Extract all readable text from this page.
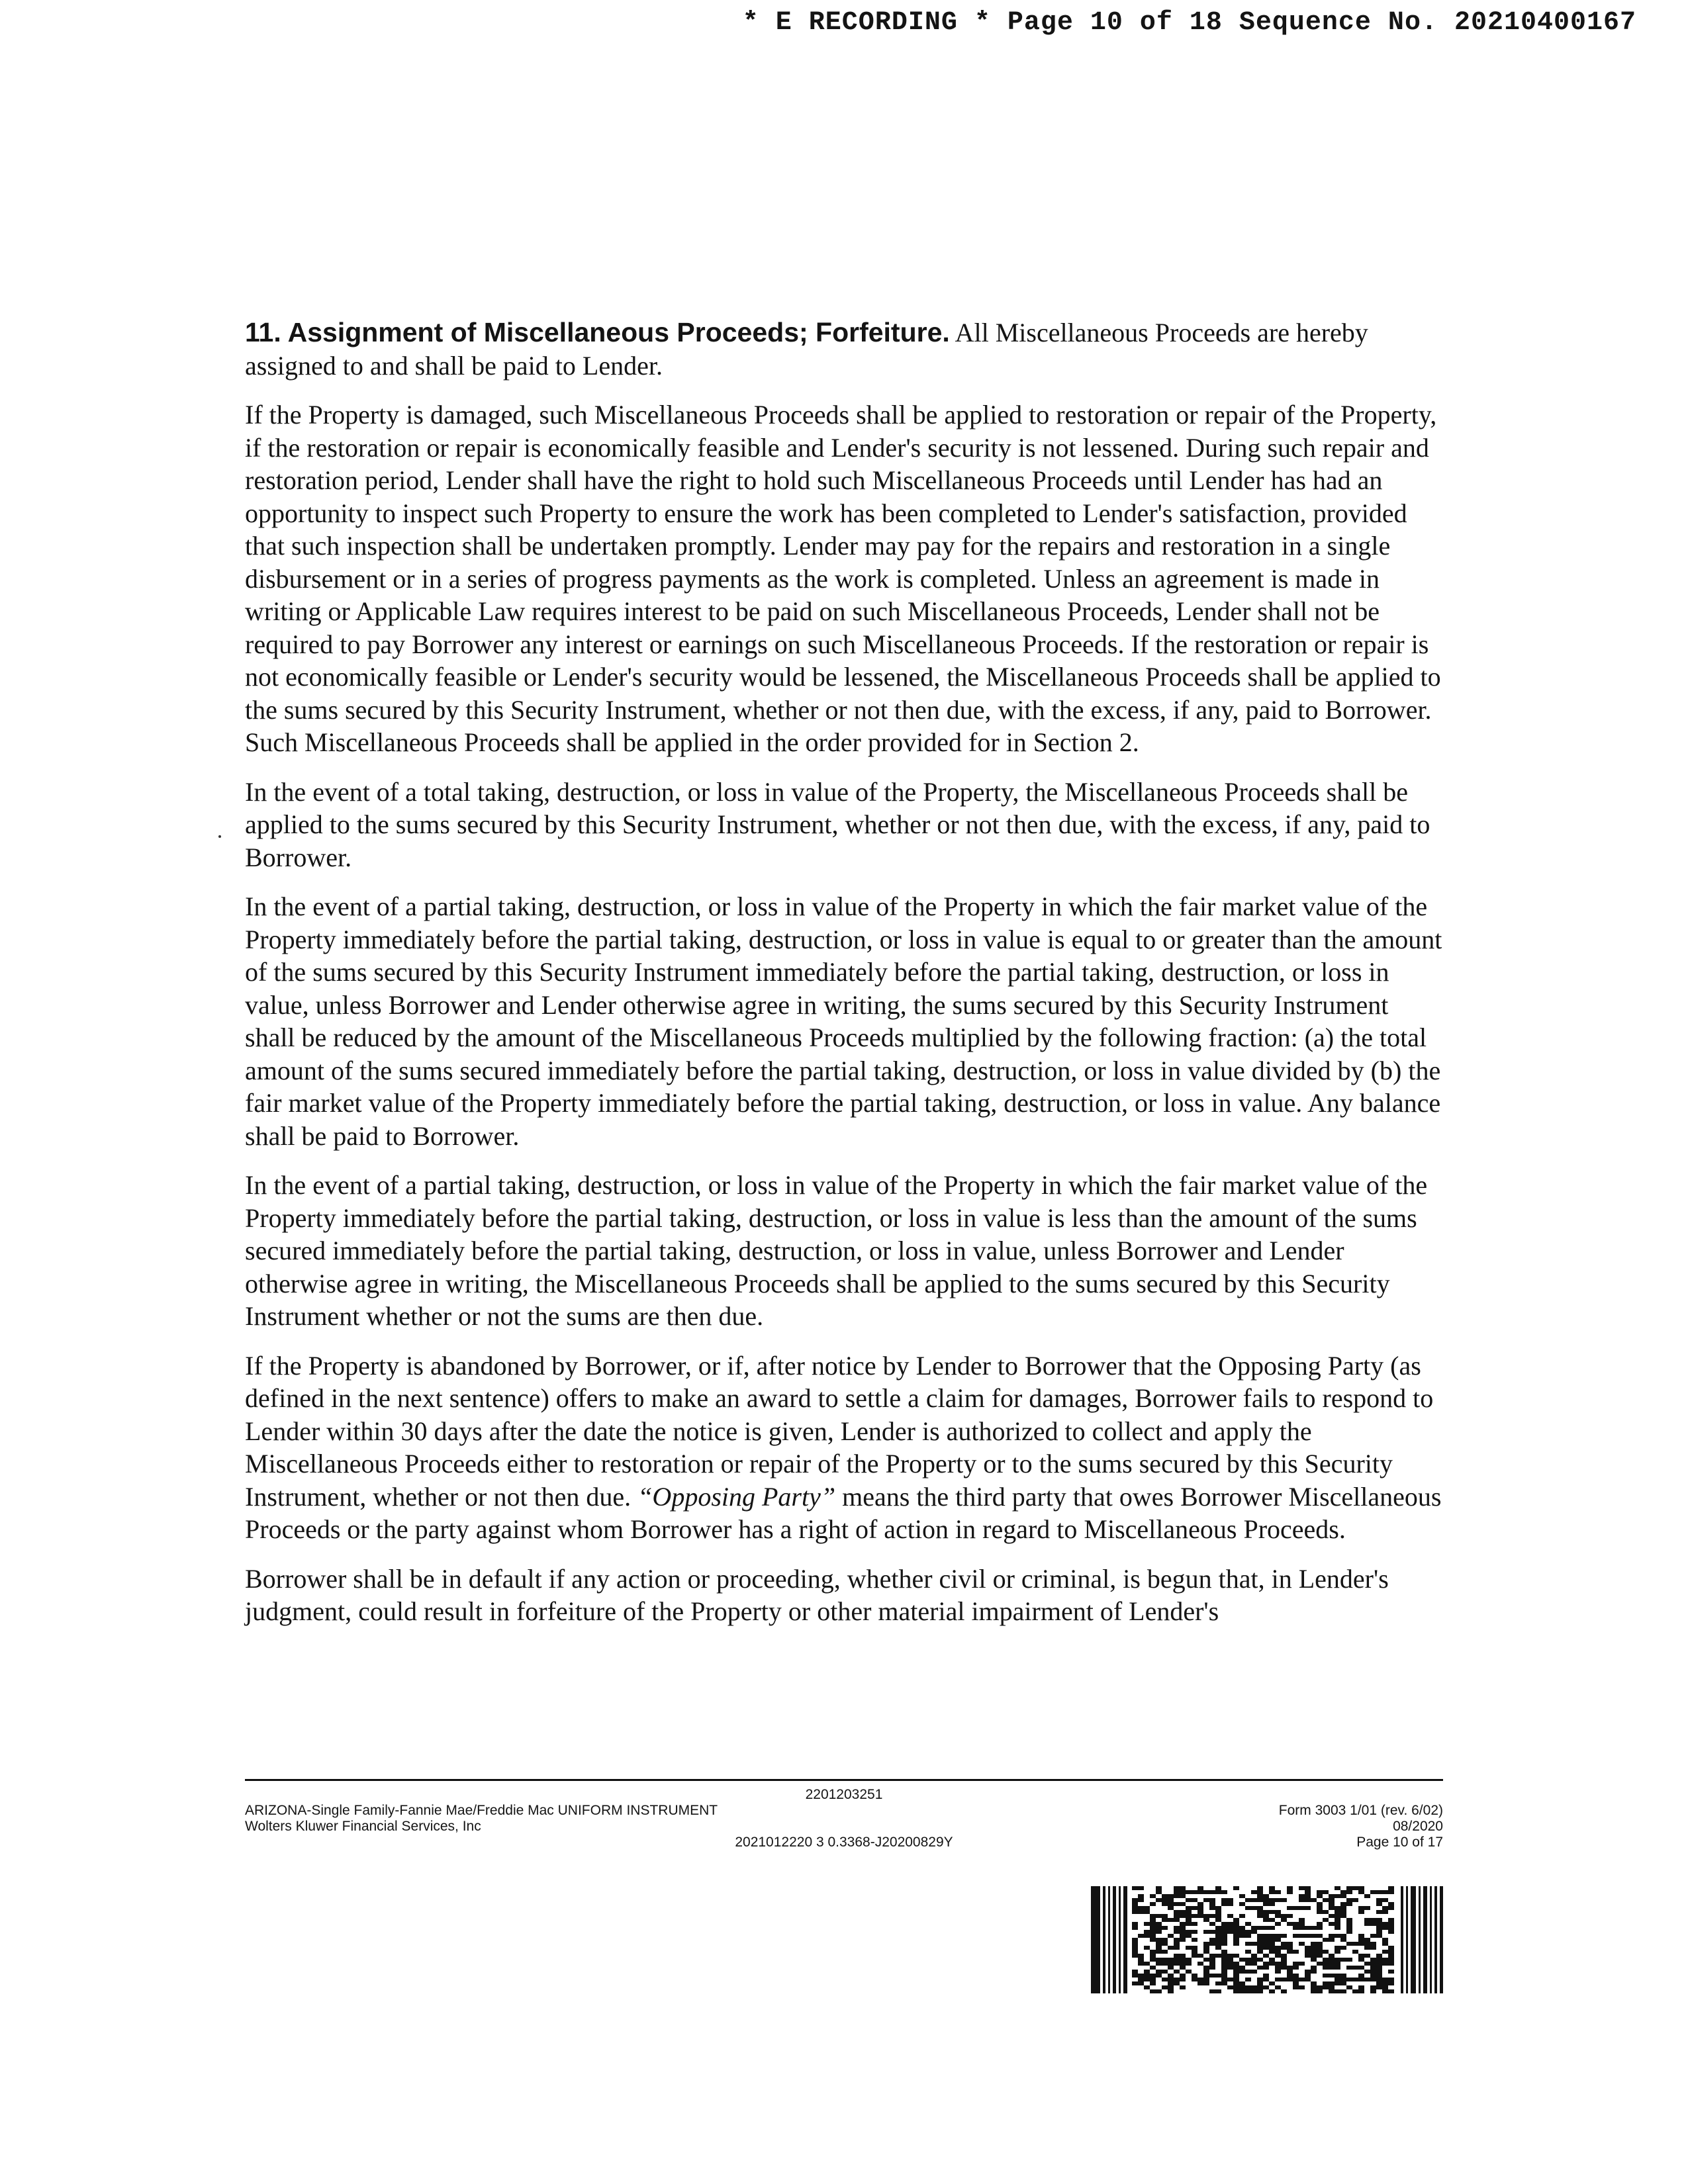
* E RECORDING * Page 10 of 18 Sequence No. 20210400167

11. Assignment of Miscellaneous Proceeds; Forfeiture. All Miscellaneous Proceeds are hereby assigned to and shall be paid to Lender.

If the Property is damaged, such Miscellaneous Proceeds shall be applied to restoration or repair of the Property, if the restoration or repair is economically feasible and Lender's security is not lessened. During such repair and restoration period, Lender shall have the right to hold such Miscellaneous Proceeds until Lender has had an opportunity to inspect such Property to ensure the work has been completed to Lender's satisfaction, provided that such inspection shall be undertaken promptly. Lender may pay for the repairs and restoration in a single disbursement or in a series of progress payments as the work is completed. Unless an agreement is made in writing or Applicable Law requires interest to be paid on such Miscellaneous Proceeds, Lender shall not be required to pay Borrower any interest or earnings on such Miscellaneous Proceeds. If the restoration or repair is not economically feasible or Lender's security would be lessened, the Miscellaneous Proceeds shall be applied to the sums secured by this Security Instrument, whether or not then due, with the excess, if any, paid to Borrower. Such Miscellaneous Proceeds shall be applied in the order provided for in Section 2.

In the event of a total taking, destruction, or loss in value of the Property, the Miscellaneous Proceeds shall be applied to the sums secured by this Security Instrument, whether or not then due, with the excess, if any, paid to Borrower.

In the event of a partial taking, destruction, or loss in value of the Property in which the fair market value of the Property immediately before the partial taking, destruction, or loss in value is equal to or greater than the amount of the sums secured by this Security Instrument immediately before the partial taking, destruction, or loss in value, unless Borrower and Lender otherwise agree in writing, the sums secured by this Security Instrument shall be reduced by the amount of the Miscellaneous Proceeds multiplied by the following fraction: (a) the total amount of the sums secured immediately before the partial taking, destruction, or loss in value divided by (b) the fair market value of the Property immediately before the partial taking, destruction, or loss in value. Any balance shall be paid to Borrower.

In the event of a partial taking, destruction, or loss in value of the Property in which the fair market value of the Property immediately before the partial taking, destruction, or loss in value is less than the amount of the sums secured immediately before the partial taking, destruction, or loss in value, unless Borrower and Lender otherwise agree in writing, the Miscellaneous Proceeds shall be applied to the sums secured by this Security Instrument whether or not the sums are then due.

If the Property is abandoned by Borrower, or if, after notice by Lender to Borrower that the Opposing Party (as defined in the next sentence) offers to make an award to settle a claim for damages, Borrower fails to respond to Lender within 30 days after the date the notice is given, Lender is authorized to collect and apply the Miscellaneous Proceeds either to restoration or repair of the Property or to the sums secured by this Security Instrument, whether or not then due. “Opposing Party” means the third party that owes Borrower Miscellaneous Proceeds or the party against whom Borrower has a right of action in regard to Miscellaneous Proceeds.

Borrower shall be in default if any action or proceeding, whether civil or criminal, is begun that, in Lender's judgment, could result in forfeiture of the Property or other material impairment of Lender's

2201203251
ARIZONA-Single Family-Fannie Mae/Freddie Mac UNIFORM INSTRUMENT	Form 3003 1/01 (rev. 6/02)
Wolters Kluwer Financial Services, Inc	08/2020
2021012220 3 0.3368-J20200829Y	Page 10 of 17
